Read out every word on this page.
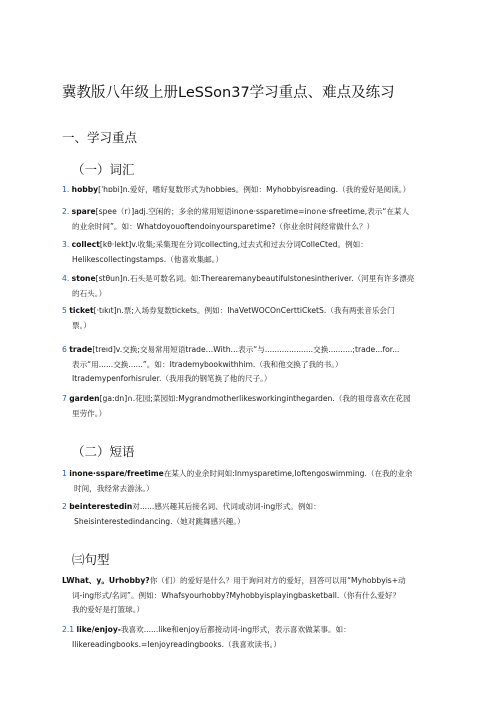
冀教版八年级上册LeSSon37学习重点、难点及练习
一、学习重点
（一）词汇
1. hobby[ˈhɒbi]n.爱好，嗜好复数形式为hobbies。例如：Myhobbyisreading.（我的爱好是阅读。）
2. spare[spee（r）]adj.空闲的；多余的常用短语ino∩e·ssparetime=ino∩e·sfreetime,表示“在某人
的业余时间”。如：Whatdoyouoftendoinyoursparetime?（你业余时间经常做什么？）
3. collect[kθ·lekt]v.收集;采集现在分词collecting,过去式和过去分词ColleCted。例如：
Helikescollectingstamps.（他喜欢集邮。）
4. stone[stθun]n.石头是可数名词。如:Therearemanybeautifulstonesintheriver.（河里有许多漂亮
的石头。）
5 ticket[·tıkıt]n.票;入场券复数tickets。例如：IhaVetWOCOnCerttiCketS.（我有两张音乐会门
票。）
6 trade[treıd]v.交换;交易常用短语trade…With…表示“与....................交换..........;trade...for...
表示“用......交换......”。如：Itrademybookwithhim.（我和他交换了我的书。）
Itrademypenforhisruler.（我用我的钢笔换了他的尺子。）
7 garden[ga:dn]∩.花园;菜园如:Mygrandmotherlikesworkinginthegarden.（我的祖母喜欢在花园
里劳作。）
（二）短语
1 inone·sspare/freetime在某人的业余时间如:Inmysparetime,Ioftengoswimming.（在我的业余
时间，我经常去游泳。）
2 beinterestedin对......感兴趣其后接名词、代词或动词-ing形式。例如：
Sheisinterestedindancing.（她对跳舞感兴趣。）
㈢句型
LWhat、y。Urhobby?你（们）的爱好是什么？用于询问对方的爱好，回答可以用“Myhobbyis+动
词-ing形式/名词”。例如：Whafsyourhobby?Myhobbyisplayingbasketball.（你有什么爱好？
我的爱好是打篮球。）
2.1 like/enjoy-我喜欢......like和enjoy后都接动词-ing形式，表示喜欢做某事。如：
Ilikereadingbooks.=Ienjoyreadingbooks.（我喜欢读书。）
